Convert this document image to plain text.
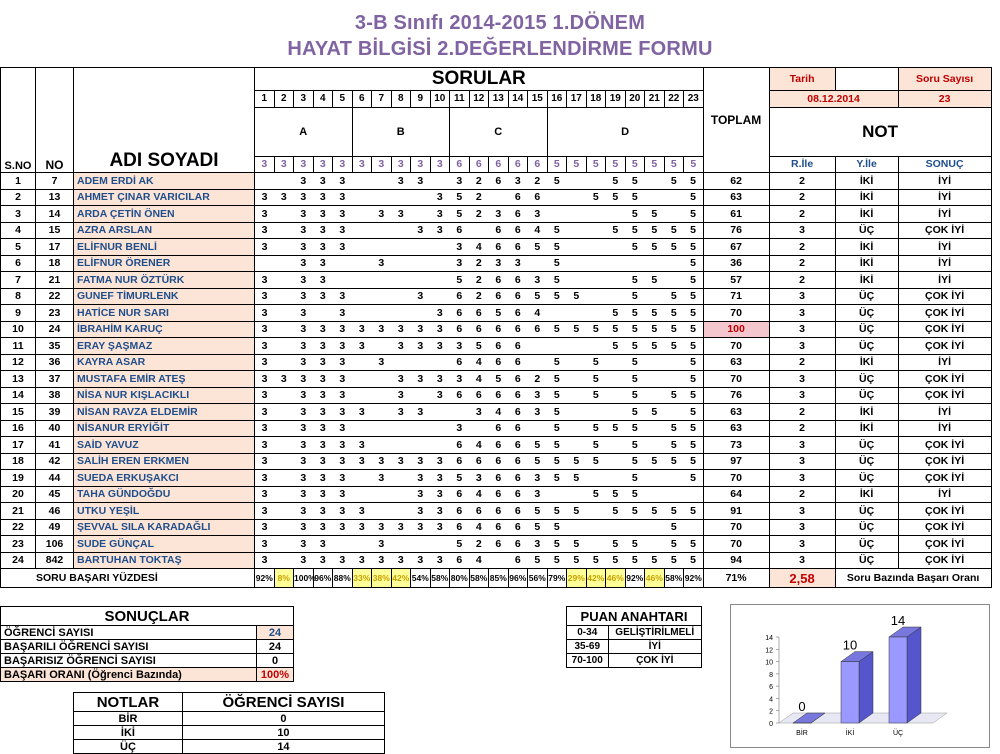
3-B Sınıfı 2014-2015 1.DÖNEM
HAYAT BİLGİSİ 2.DEĞERLENDİRME FORMU
S.NO	NO	ADI SOYADI	SORULAR																							TOPLAM	Tarih		Soru Sayısı
			1	2	3	4	5	6	7	8	9	10	11	12	13	14	15	16	17	18	19	20	21	22	23		08.12.2014		23
			A					B					C					D									NOT		

			3	3	3	3	3	3	3	3	3	3	6	6	6	6	6	5	5	5	5	5	5	5	5		R.İle	Y.İle	SONUÇ
1	7	ADEM ERDİ AK			3	3	3			3	3		3	2	6	3	2	5			5	5		5	5	62	2	İKİ	İYİ
2	13	AHMET ÇINAR VARICILAR	3	3	3	3	3					3	5	2		6	6			5	5	5			5	63	2	İKİ	İYİ
3	14	ARDA ÇETİN ÖNEN	3		3	3	3		3	3		3	5	2	3	6	3					5	5		5	61	2	İKİ	İYİ
4	15	AZRA ARSLAN	3		3	3	3				3	3	6		6	6	4	5			5	5	5	5	5	76	3	ÜÇ	ÇOK İYİ
5	17	ELİFNUR BENLİ	3		3	3	3						3	4	6	6	5	5				5	5	5	5	67	2	İKİ	İYİ
6	18	ELİFNUR ÖRENER			3	3			3				3	2	3	3		5							5	36	2	İKİ	İYİ
7	21	FATMA NUR ÖZTÜRK	3		3	3							5	2	6	6	3	5				5	5		5	57	2	İKİ	İYİ
8	22	GUNEF TİMURLENK	3		3	3	3				3		6	2	6	6	5	5	5			5		5	5	71	3	ÜÇ	ÇOK İYİ
9	23	HATİCE NUR SARI	3		3		3					3	6	6	5	6	4				5	5	5	5	5	70	3	ÜÇ	ÇOK İYİ
10	24	İBRAHİM KARUÇ	3		3	3	3	3	3	3	3	3	6	6	6	6	6	5	5	5	5	5	5	5	5	100	3	ÜÇ	ÇOK İYİ
11	35	ERAY ŞAŞMAZ	3		3	3	3	3		3	3	3	3	5	6	6					5	5	5	5	5	70	3	ÜÇ	ÇOK İYİ
12	36	KAYRA ASAR	3		3	3	3		3				6	4	6	6		5		5		5			5	63	2	İKİ	İYİ
13	37	MUSTAFA EMİR ATEŞ	3	3	3	3	3			3	3	3	3	4	5	6	2	5		5		5			5	70	3	ÜÇ	ÇOK İYİ
14	38	NİSA NUR KIŞLACIKLI	3		3	3	3			3		3	6	6	6	6	3	5		5		5		5	5	76	3	ÜÇ	ÇOK İYİ
15	39	NİSAN RAVZA ELDEMİR	3		3	3	3	3		3	3			3	4	6	3	5				5	5		5	63	2	İKİ	İYİ
16	40	NİSANUR ERYİĞİT	3		3	3	3						3		6	6		5		5	5	5		5	5	63	2	İKİ	İYİ
17	41	SAİD YAVUZ	3		3	3	3	3					6	4	6	6	5	5		5		5		5	5	73	3	ÜÇ	ÇOK İYİ
18	42	SALİH EREN ERKMEN	3		3	3	3	3	3	3	3	3	6	6	6	6	5	5	5	5		5	5	5	5	97	3	ÜÇ	ÇOK İYİ
19	44	SUEDA ERKUŞAKCI	3		3	3	3		3		3	3	5	3	6	6	3	5	5			5			5	70	3	ÜÇ	ÇOK İYİ
20	45	TAHA GÜNDOĞDU	3		3	3	3				3	3	6	4	6	6	3			5	5	5				64	2	İKİ	İYİ
21	46	UTKU YEŞİL	3		3	3	3	3			3	3	6	6	6	6	5	5	5		5	5	5	5	5	91	3	ÜÇ	ÇOK İYİ
22	49	ŞEVVAL SILA KARADAĞLI	3		3	3	3	3	3	3	3	3	6	4	6	6	5	5						5		70	3	ÜÇ	ÇOK İYİ
23	106	SUDE GÜNÇAL	3		3	3			3				5	2	6	6	3	5	5		5	5		5	5	70	3	ÜÇ	ÇOK İYİ
24	842	BARTUHAN TOKTAŞ	3		3	3	3	3	3	3	3	3	6	4		6	5	5	5	5	5	5	5	5	5	94	3	ÜÇ	ÇOK İYİ
SORU BAŞARI YÜZDESİ			92%	8%	100%	96%	88%	33%	38%	42%	54%	58%	80%	58%	85%	96%	56%	79%	29%	42%	46%	92%	46%	58%	92%	71%	2,58	Soru Bazında Başarı Oranı	
SONUÇLAR	
ÖĞRENCİ SAYISI	24
BAŞARILI ÖĞRENCİ SAYISI	24
BAŞARISIZ ÖĞRENCİ SAYISI	0
BAŞARI ORANI (Öğrenci Bazında)	100%
NOTLAR	ÖĞRENCİ SAYISI
BİR	0
İKİ	10
ÜÇ	14
PUAN ANAHTARI	
0-34	GELİŞTİRİLMELİ
35-69	İYİ
70-100	ÇOK İYİ
0
2
4
6
8
10
12
14
0
BİR
10
İKİ
14
ÜÇ
